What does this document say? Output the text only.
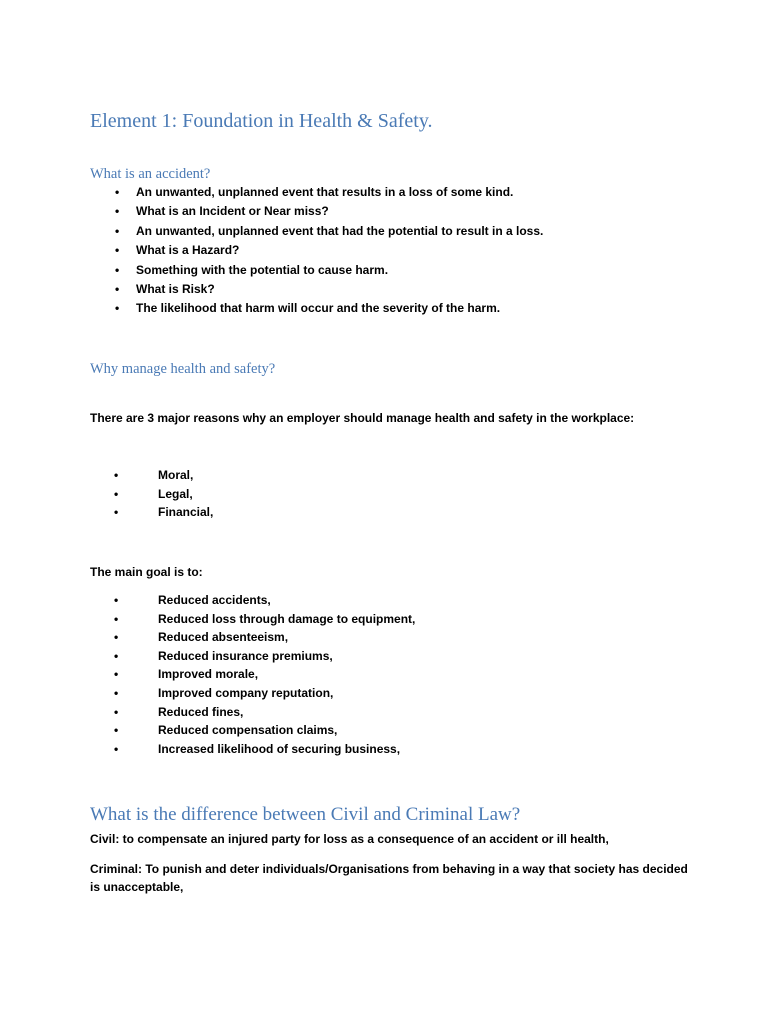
Element 1: Foundation in Health & Safety.
What is an accident?
• An unwanted, unplanned event that results in a loss of some kind.
• What is an Incident or Near miss?
• An unwanted, unplanned event that had the potential to result in a loss.
• What is a Hazard?
• Something with the potential to cause harm.
• What is Risk?
• The likelihood that harm will occur and the severity of the harm.
Why manage health and safety?

There are 3 major reasons why an employer should manage health and safety in the workplace:

•	Moral,
•	Legal,
•	Financial,

The main goal is to:

•	Reduced accidents,
•	Reduced loss through damage to equipment,
•	Reduced absenteeism,
•	Reduced insurance premiums,
•	Improved morale,
•	Improved company reputation,
•	Reduced fines,
•	Reduced compensation claims,
•	Increased likelihood of securing business,
What is the difference between Civil and Criminal Law?

Civil: to compensate an injured party for loss as a consequence of an accident or ill health,

Criminal: To punish and deter individuals/Organisations from behaving in a way that society has decided

is unacceptable,
